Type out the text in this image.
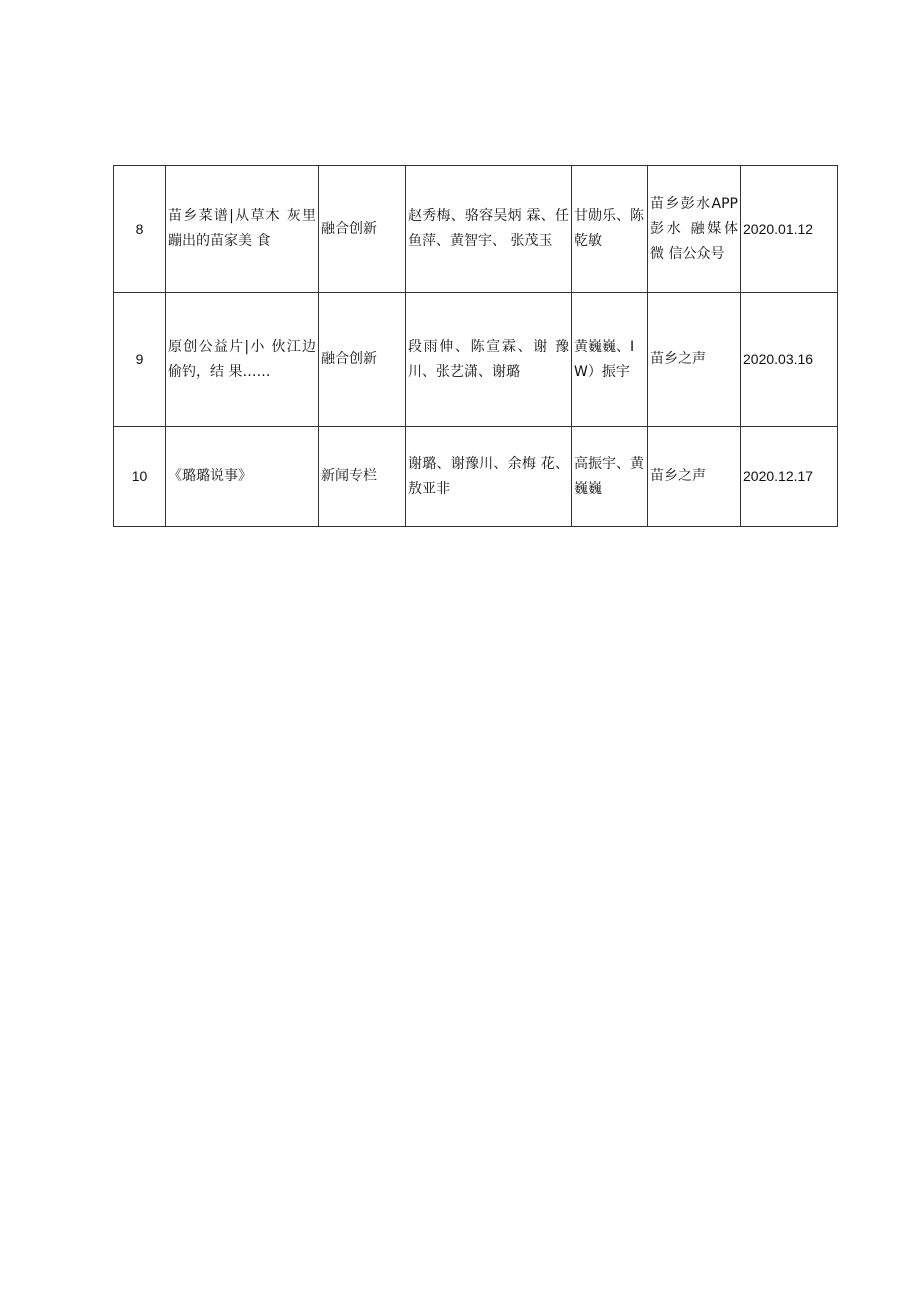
8	苗乡菜谱|从草木 灰里蹦出的苗家美 食	融合创新	赵秀梅、骆容吴炳 霖、任鱼萍、黄智宇、 张茂玉	甘勋乐、陈乾敏	苗乡彭水APP彭水 融媒体微 信公众号	2020.01.12
9	原创公益片|小 伙江边偷钓，结 果……	融合创新	段雨伸、陈宣霖、谢 豫川、张艺潇、谢璐	黄巍巍、IW）振宇	苗乡之声	2020.03.16
10	《璐璐说事》	新闻专栏	谢璐、谢豫川、余梅 花、敖亚非	高振宇、黄巍巍	苗乡之声	2020.12.17
